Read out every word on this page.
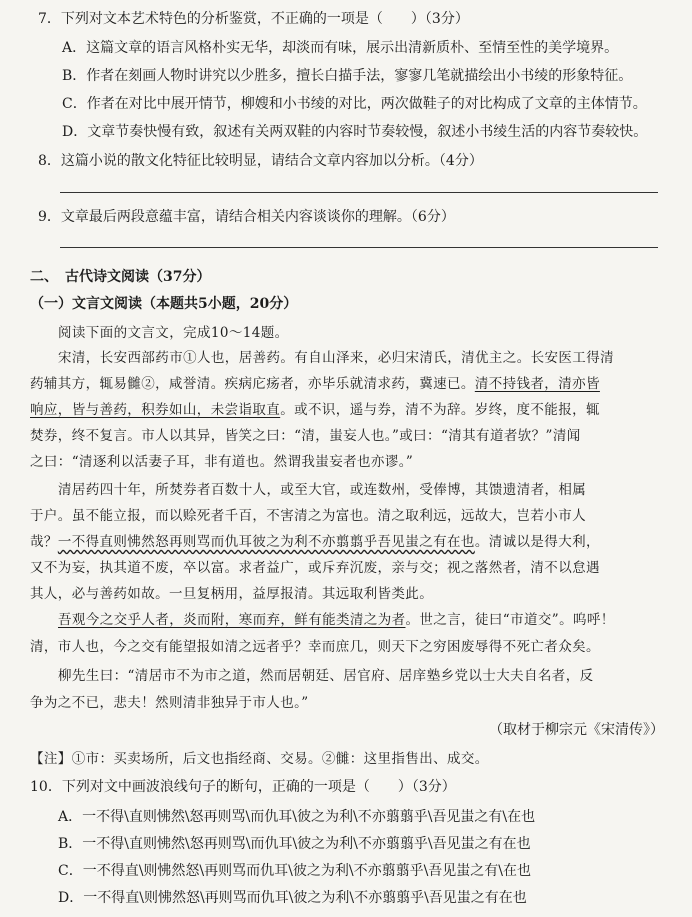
7．下列对文本艺术特色的分析鉴赏，不正确的一项是（　　）（3分）
A．这篇文章的语言风格朴实无华，却淡而有味，展示出清新质朴、至情至性的美学境界。
B．作者在刻画人物时讲究以少胜多，擅长白描手法，寥寥几笔就描绘出小书绫的形象特征。
C．作者在对比中展开情节，柳嫂和小书绫的对比，两次做鞋子的对比构成了文章的主体情节。
D．文章节奏快慢有致，叙述有关两双鞋的内容时节奏较慢，叙述小书绫生活的内容节奏较快。
8．这篇小说的散文化特征比较明显，请结合文章内容加以分析。（4分）
9．文章最后两段意蕴丰富，请结合相关内容谈谈你的理解。（6分）
二、　古代诗文阅读（37分）
（一）文言文阅读（本题共5小题，20分）
阅读下面的文言文，完成10～14题。
宋清，长安西部药市①人也，居善药。有自山泽来，必归宋清氏，清优主之。长安医工得清
药辅其方，辄易雠②，咸誉清。疾病庀疡者，亦毕乐就清求药，冀速已。清不持钱者，清亦皆
响应，皆与善药，积券如山，未尝诣取直。或不识，遥与券，清不为辞。岁终，度不能报，辄
焚券，终不复言。市人以其异，皆笑之曰：“清，蚩妄人也。”或曰：“清其有道者欤？”清闻
之曰：“清逐利以活妻子耳，非有道也。然谓我蚩妄者也亦谬。”
清居药四十年，所焚券者百数十人，或至大官，或连数州，受俸博，其馈遗清者，相属
于户。虽不能立报，而以赊死者千百，不害清之为富也。清之取利远，远故大，岂若小市人
哉？一不得直则怫然怒再则骂而仇耳彼之为利不亦翦翦乎吾见蚩之有在也。清诚以是得大利，
又不为妄，执其道不废，卒以富。求者益广，或斥弃沉废，亲与交；视之落然者，清不以怠遇
其人，必与善药如故。一旦复柄用，益厚报清。其远取利皆类此。
吾观今之交乎人者，炎而附，寒而弃，鲜有能类清之为者。世之言，徒曰“市道交”。呜呼！
清，市人也，今之交有能望报如清之远者乎？幸而庶几，则天下之穷困废辱得不死亡者众矣。
柳先生曰：“清居市不为市之道，然而居朝廷、居官府、居庠塾乡党以士大夫自名者，反
争为之不已，悲夫！然则清非独异于市人也。”
（取材于柳宗元《宋清传》）
【注】①市：买卖场所，后文也指经商、交易。②雠：这里指售出、成交。
10．下列对文中画波浪线句子的断句，正确的一项是（　　）（3分）
A．一不得\直则怫然\怒再则骂\而仇耳\彼之为利\不亦翦翦乎\吾见蚩之有\在也
B．一不得\直则怫然\怒再则骂\而仇耳\彼之为利\不亦翦翦乎\吾见蚩之有在也
C．一不得直\则怫然怒\再则骂而仇耳\彼之为利\不亦翦翦乎\吾见蚩之有\在也
D．一不得直\则怫然怒\再则骂而仇耳\彼之为利\不亦翦翦乎\吾见蚩之有在也
